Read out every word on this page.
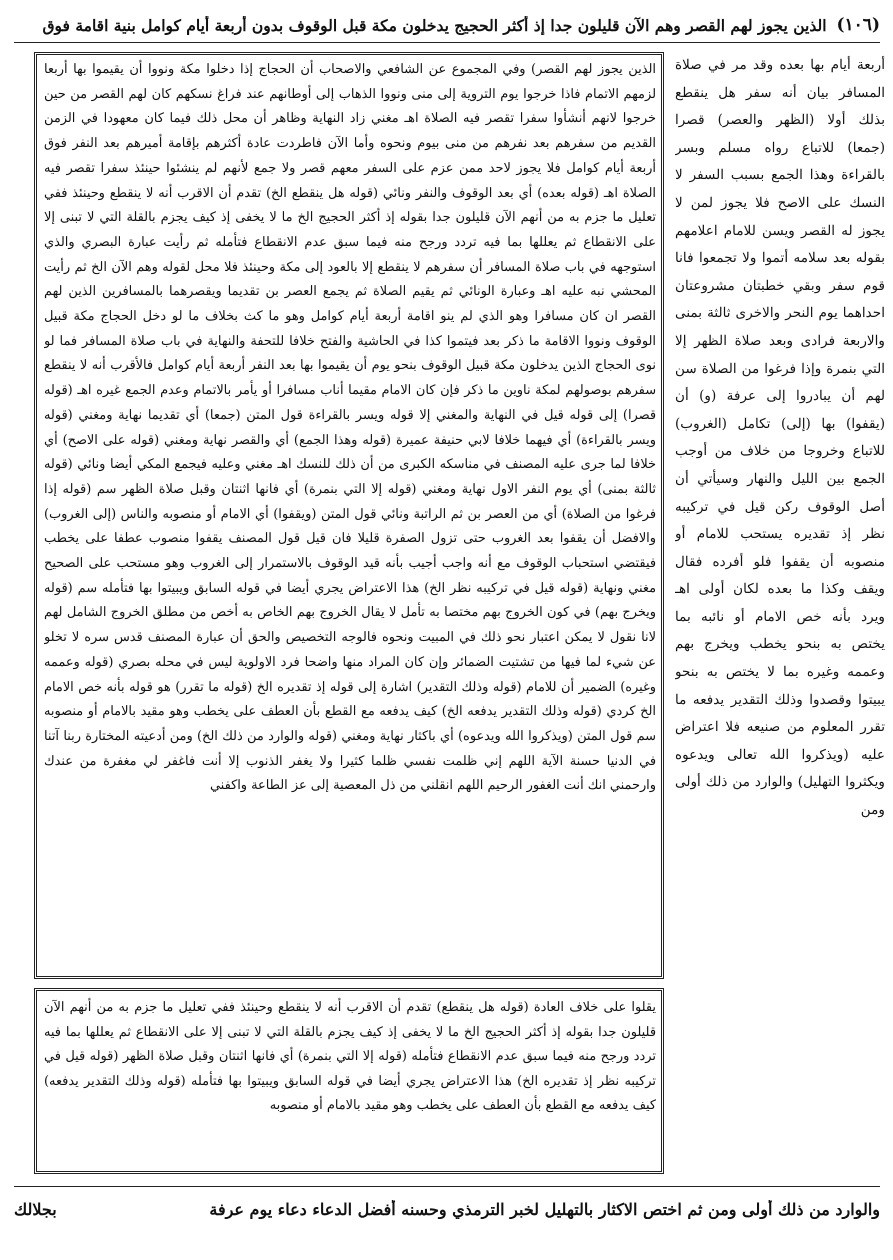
(١٠٦)
الذين يجوز لهم القصر وهم الآن قليلون جدا إذ أكثر الحجيج يدخلون مكة قبل الوقوف بدون أربعة أيام كوامل بنية اقامة فوق
أربعة أيام بها بعده وقد مر في صلاة المسافر بيان أنه سفر هل ينقطع بذلك أولا (الظهر والعصر) قصرا (جمعا) للاتباع رواه مسلم وبسر بالقراءة وهذا الجمع بسبب السفر لا النسك على الاصح فلا يجوز لمن لا يجوز له القصر ويسن للامام اعلامهم بقوله بعد سلامه أتموا ولا تجمعوا فانا قوم سفر وبقي خطبتان مشروعتان احداهما يوم النحر والاخرى ثالثة بمنى والاربعة فرادى وبعد صلاة الظهر إلا التي بنمرة وإذا فرغوا من الصلاة سن لهم أن يبادروا إلى عرفة (و) أن (يقفوا) بها (إلى) تكامل (الغروب) للاتباع وخروجا من خلاف من أوجب الجمع بين الليل والنهار وسيأتي أن أصل الوقوف ركن قيل في تركيبه نظر إذ تقديره يستحب للامام أو منصوبه أن يقفوا فلو أفرده فقال ويقف وكذا ما بعده لكان أولى اهـ ويرد بأنه خص الامام أو نائبه بما يختص به بنحو يخطب ويخرج بهم وعممه وغيره بما لا يختص به بنحو يبيتوا وقصدوا وذلك التقدير يدفعه ما تقرر المعلوم من صنيعه فلا اعتراض عليه (ويذكروا الله تعالى ويدعوه ويكثروا التهليل) والوارد من ذلك أولى ومن
الذين يجوز لهم القصر) وفي المجموع عن الشافعي والاصحاب أن الحجاج إذا دخلوا مكة ونووا أن يقيموا بها أربعا لزمهم الاتمام فاذا خرجوا يوم التروية إلى منى ونووا الذهاب إلى أوطانهم عند فراغ نسكهم كان لهم القصر من حين خرجوا لانهم أنشأوا سفرا تقصر فيه الصلاة اهـ مغني زاد النهاية وظاهر أن محل ذلك فيما كان معهودا في الزمن القديم من سفرهم بعد نفرهم من منى بيوم ونحوه وأما الآن فاطردت عادة أكثرهم بإقامة أميرهم بعد النفر فوق أربعة أيام كوامل فلا يجوز لاحد ممن عزم على السفر معهم قصر ولا جمع لأنهم لم ينشئوا حينئذ سفرا تقصر فيه الصلاة اهـ (قوله بعده) أي بعد الوقوف والنفر ونائي (قوله هل ينقطع الخ) تقدم أن الاقرب أنه لا ينقطع وحينئذ ففي تعليل ما جزم به من أنهم الآن قليلون جدا بقوله إذ أكثر الحجيج الخ ما لا يخفى إذ كيف يجزم بالقلة التي لا تبنى إلا على الانقطاع ثم يعللها بما فيه تردد ورجح منه فيما سبق عدم الانقطاع فتأمله ثم رأيت عبارة البصري والذي استوجهه في باب صلاة المسافر أن سفرهم لا ينقطع إلا بالعود إلى مكة وحينئذ فلا محل لقوله وهم الآن الخ ثم رأيت المحشي نبه عليه اهـ وعبارة الونائي ثم يقيم الصلاة ثم يجمع العصر بن تقديما ويقصرهما بالمسافرين الذين لهم القصر ان كان مسافرا وهو الذي لم ينو اقامة أربعة أيام كوامل وهو ما كث بخلاف ما لو دخل الحجاج مكة قبيل الوقوف ونووا الاقامة ما ذكر بعد فيتموا كذا في الحاشية والفتح خلافا للتحفة والنهاية في باب صلاة المسافر فما لو نوى الحجاج الذين يدخلون مكة قبيل الوقوف بنحو يوم أن يقيموا بها بعد النفر أربعة أيام كوامل فالأقرب أنه لا ينقطع سفرهم بوصولهم لمكة ناوين ما ذكر فإن كان الامام مقيما أناب مسافرا أو يأمر بالاتمام وعدم الجمع غيره اهـ (قوله قصرا) إلى قوله قيل في النهاية والمغني إلا قوله ويسر بالقراءة قول المتن (جمعا) أي تقديما نهاية ومغني (قوله ويسر بالقراءة) أي فيهما خلافا لابي حنيفة عميرة (قوله وهذا الجمع) أي والقصر نهاية ومغني (قوله على الاصح) أي خلافا لما جرى عليه المصنف في مناسكه الكبرى من أن ذلك للنسك اهـ مغني وعليه فيجمع المكي أيضا ونائي (قوله ثالثة بمنى) أي يوم النفر الاول نهاية ومغني (قوله إلا التي بنمرة) أي فانها اثنتان وقبل صلاة الظهر سم (قوله إذا فرغوا من الصلاة) أي من العصر بن ثم الراتبة ونائي قول المتن (ويقفوا) أي الامام أو منصوبه والناس (إلى الغروب) والافضل أن يقفوا بعد الغروب حتى تزول الصفرة قليلا فان قيل قول المصنف يقفوا منصوب عطفا على يخطب فيقتضي استحباب الوقوف مع أنه واجب أجيب بأنه قيد الوقوف بالاستمرار إلى الغروب وهو مستحب على الصحيح مغني ونهاية (قوله قيل في تركيبه نظر الخ) هذا الاعتراض يجري أيضا في قوله السابق ويبيتوا بها فتأمله سم (قوله ويخرج بهم) في كون الخروج بهم مختصا به تأمل لا يقال الخروج بهم الخاص به أخص من مطلق الخروج الشامل لهم لانا نقول لا يمكن اعتبار نحو ذلك في المبيت ونحوه فالوجه التخصيص والحق أن عبارة المصنف قدس سره لا تخلو عن شيء لما فيها من تشتيت الضمائر وإن كان المراد منها واضحا فرد الاولوية ليس في محله بصري (قوله وعممه وغيره) الضمير أن للامام (قوله وذلك التقدير) اشارة إلى قوله إذ تقديره الخ (قوله ما تقرر) هو قوله بأنه خص الامام الخ كردي (قوله وذلك التقدير يدفعه الخ) كيف يدفعه مع القطع بأن العطف على يخطب وهو مقيد بالامام أو منصوبه سم قول المتن (ويذكروا الله ويدعوه) أي باكثار نهاية ومغني (قوله والوارد من ذلك الخ) ومن أدعيته المختارة ربنا آتنا في الدنيا حسنة الآية اللهم إني ظلمت نفسي ظلما كثيرا ولا يغفر الذنوب إلا أنت فاغفر لي مغفرة من عندك وارحمني انك أنت الغفور الرحيم اللهم انقلني من ذل المعصية إلى عز الطاعة واكفني
يقلوا على خلاف العادة (قوله هل ينقطع) تقدم أن الاقرب أنه لا ينقطع وحينئذ ففي تعليل ما جزم به من أنهم الآن قليلون جدا بقوله إذ أكثر الحجيج الخ ما لا يخفى إذ كيف يجزم بالقلة التي لا تبنى إلا على الانقطاع ثم يعللها بما فيه تردد ورجح منه فيما سبق عدم الانقطاع فتأمله (قوله إلا التي بنمرة) أي فانها اثنتان وقبل صلاة الظهر (قوله قيل في تركيبه نظر إذ تقديره الخ) هذا الاعتراض يجري أيضا في قوله السابق ويبيتوا بها فتأمله (قوله وذلك التقدير يدفعه) كيف يدفعه مع القطع بأن العطف على يخطب وهو مقيد بالامام أو منصوبه
والوارد من ذلك أولى ومن ثم اختص الاكثار بالتهليل لخبر الترمذي وحسنه أفضل الدعاء دعاء يوم عرفة
بجلالك
